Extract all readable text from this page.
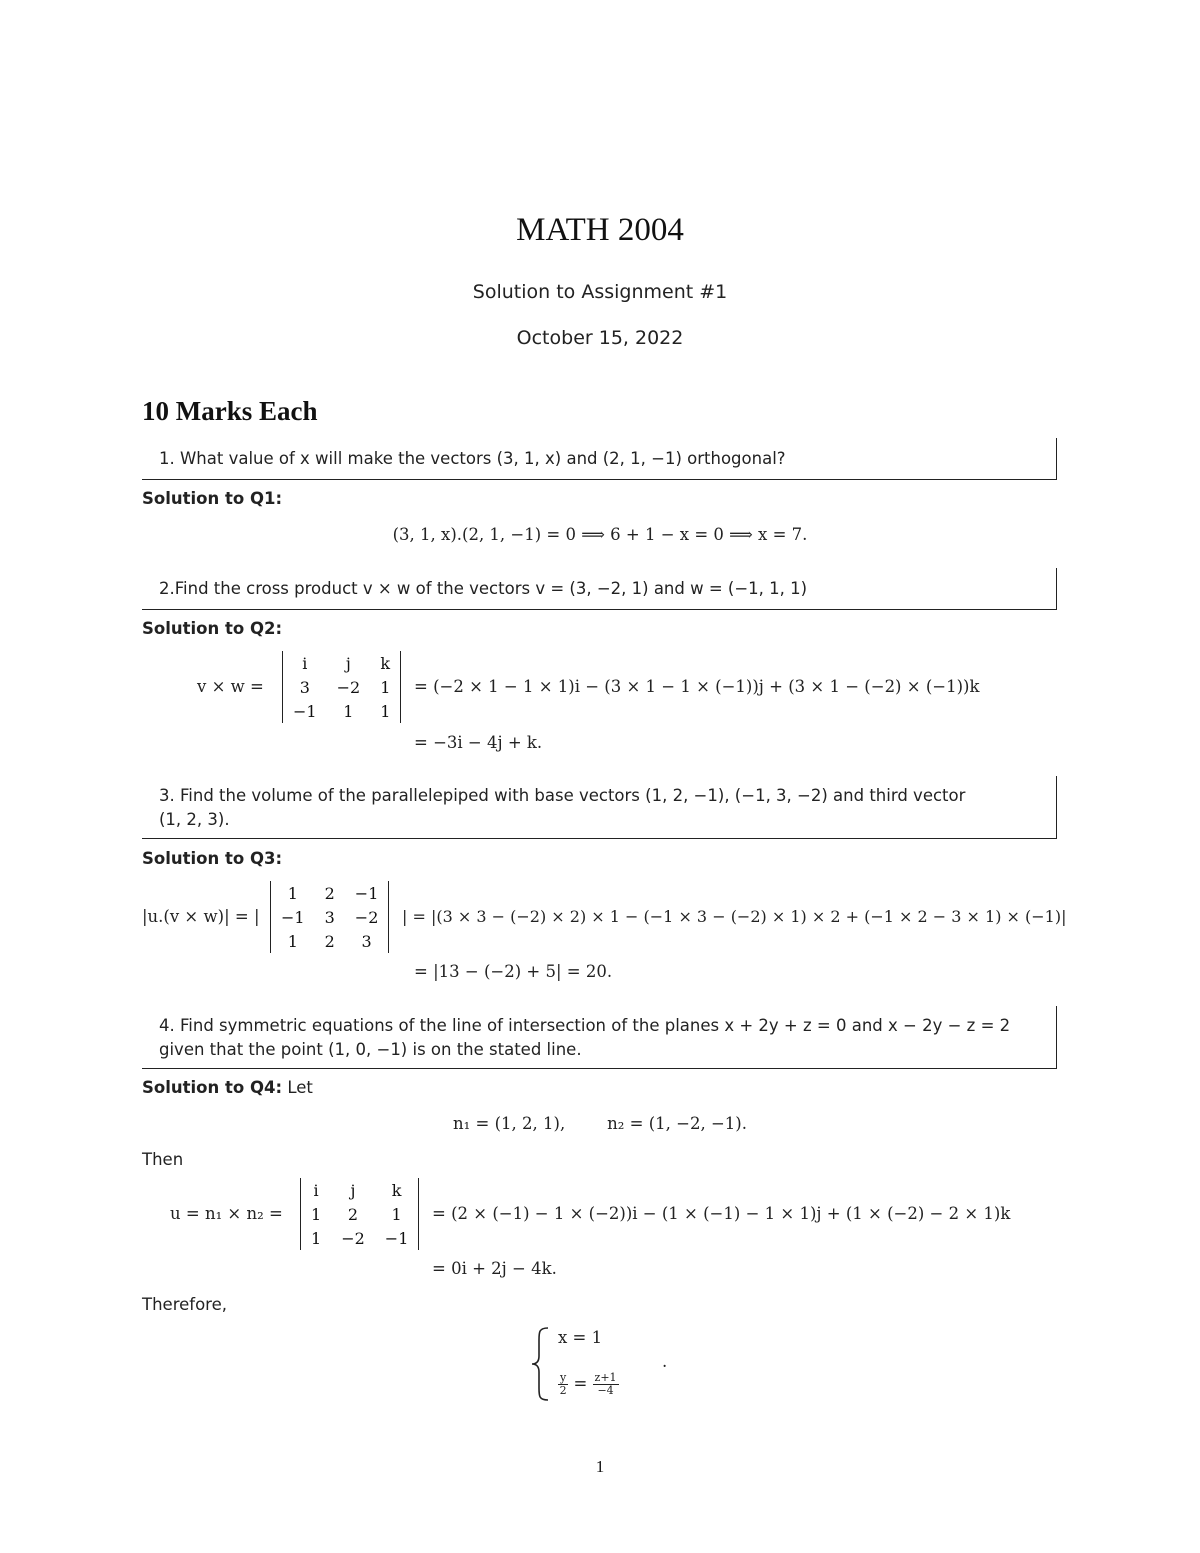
MATH 2004
Solution to Assignment #1
October 15, 2022
10 Marks Each
1. What value of x will make the vectors (3, 1, x) and (2, 1, −1) orthogonal?
Solution to Q1:
(3, 1, x).(2, 1, −1) = 0 ⟹ 6 + 1 − x = 0 ⟹ x = 7.
2.Find the cross product v × w of the vectors v = (3, −2, 1) and w = (−1, 1, 1)
Solution to Q2:
v × w =
i	j	k
3	−2	1
−1	1	1
= (−2 × 1 − 1 × 1)i − (3 × 1 − 1 × (−1))j + (3 × 1 − (−2) × (−1))k
= −3i − 4j + k.
3. Find the volume of the parallelepiped with base vectors (1, 2, −1), (−1, 3, −2) and third vector
(1, 2, 3).
Solution to Q3:
|u.(v × w)| = |
1	2	−1
−1	3	−2
1	2	3
| = |(3 × 3 − (−2) × 2) × 1 − (−1 × 3 − (−2) × 1) × 2 + (−1 × 2 − 3 × 1) × (−1)|
= |13 − (−2) + 5| = 20.
4. Find symmetric equations of the line of intersection of the planes x + 2y + z = 0 and x − 2y − z = 2
given that the point (1, 0, −1) is on the stated line.
Solution to Q4: Let
n₁ = (1, 2, 1),        n₂ = (1, −2, −1).
Then
u = n₁ × n₂ =
i	j	k
1	2	1
1	−2	−1
= (2 × (−1) − 1 × (−2))i − (1 × (−1) − 1 × 1)j + (1 × (−2) − 2 × 1)k
= 0i + 2j − 4k.
Therefore,
x = 1
$\frac{y}{2} = \frac{z+1}{-4}$
.
1
